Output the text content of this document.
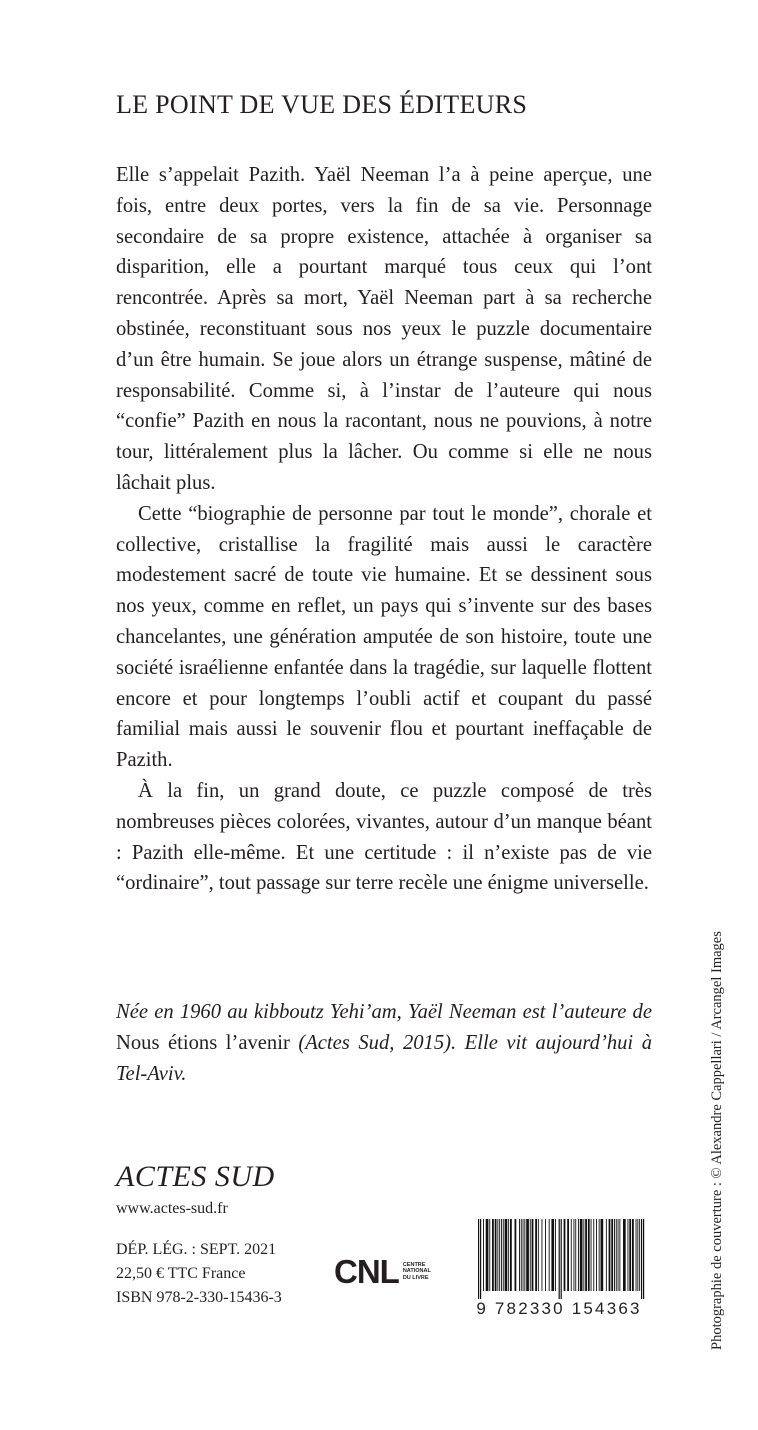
LE POINT DE VUE DES ÉDITEURS

Elle s’appelait Pazith. Yaël Neeman l’a à peine aperçue, une fois, entre deux portes, vers la fin de sa vie. Personnage secondaire de sa propre existence, attachée à organiser sa disparition, elle a pourtant marqué tous ceux qui l’ont rencontrée. Après sa mort, Yaël Neeman part à sa recherche obstinée, reconstituant sous nos yeux le puzzle documentaire d’un être humain. Se joue alors un étrange suspense, mâtiné de responsabilité. Comme si, à l’instar de l’auteure qui nous “confie” Pazith en nous la racontant, nous ne pouvions, à notre tour, littéralement plus la lâcher. Ou comme si elle ne nous lâchait plus.

Cette “biographie de personne par tout le monde”, chorale et collective, cristallise la fragilité mais aussi le caractère modestement sacré de toute vie humaine. Et se dessinent sous nos yeux, comme en reflet, un pays qui s’invente sur des bases chancelantes, une génération amputée de son histoire, toute une société israélienne enfantée dans la tragédie, sur laquelle flottent encore et pour longtemps l’oubli actif et coupant du passé familial mais aussi le souvenir flou et pourtant ineffaçable de Pazith.

À la fin, un grand doute, ce puzzle composé de très nombreuses pièces colorées, vivantes, autour d’un manque béant : Pazith elle-même. Et une certitude : il n’existe pas de vie “ordinaire”, tout passage sur terre recèle une énigme universelle.

Née en 1960 au kibboutz Yehi’am, Yaël Neeman est l’auteure de Nous étions l’avenir (Actes Sud, 2015). Elle vit aujourd’hui à Tel-Aviv.

ACTES SUD
www.actes-sud.fr
DÉP. LÉG. : SEPT. 2021
22,50 € TTC France
ISBN 978-2-330-15436-3
CNL CENTRE
NATIONAL
DU LIVRE
9 782330 154363	Photographie de couverture : © Alexandre Cappellari / Arcangel Images
